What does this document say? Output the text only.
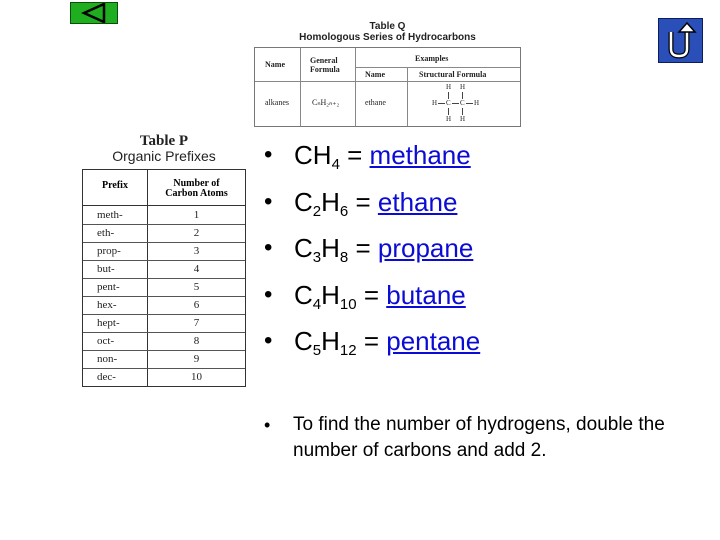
Table Q
Homologous Series of Hydrocarbons
Name	General Formula
Examples
Name	Structural Formula
alkanes	CₙH₂ₙ₊₂	ethane
H H
H C C H
H H
Table P
Organic Prefixes
Prefix	Number of
Carbon Atoms
meth-	1
eth-	2
prop-	3
but-	4
pent-	5
hex-	6
hept-	7
oct-	8
non-	9
dec-	10
• $CH_4$ = methane
• $C_2H_6$ = ethane
• $C_3H_8$ = propane
• $C_4H_{10} = butane$
• $C_5H_{12} = pentane$
• To find the number of hydrogens, double the number of carbons and add 2.
